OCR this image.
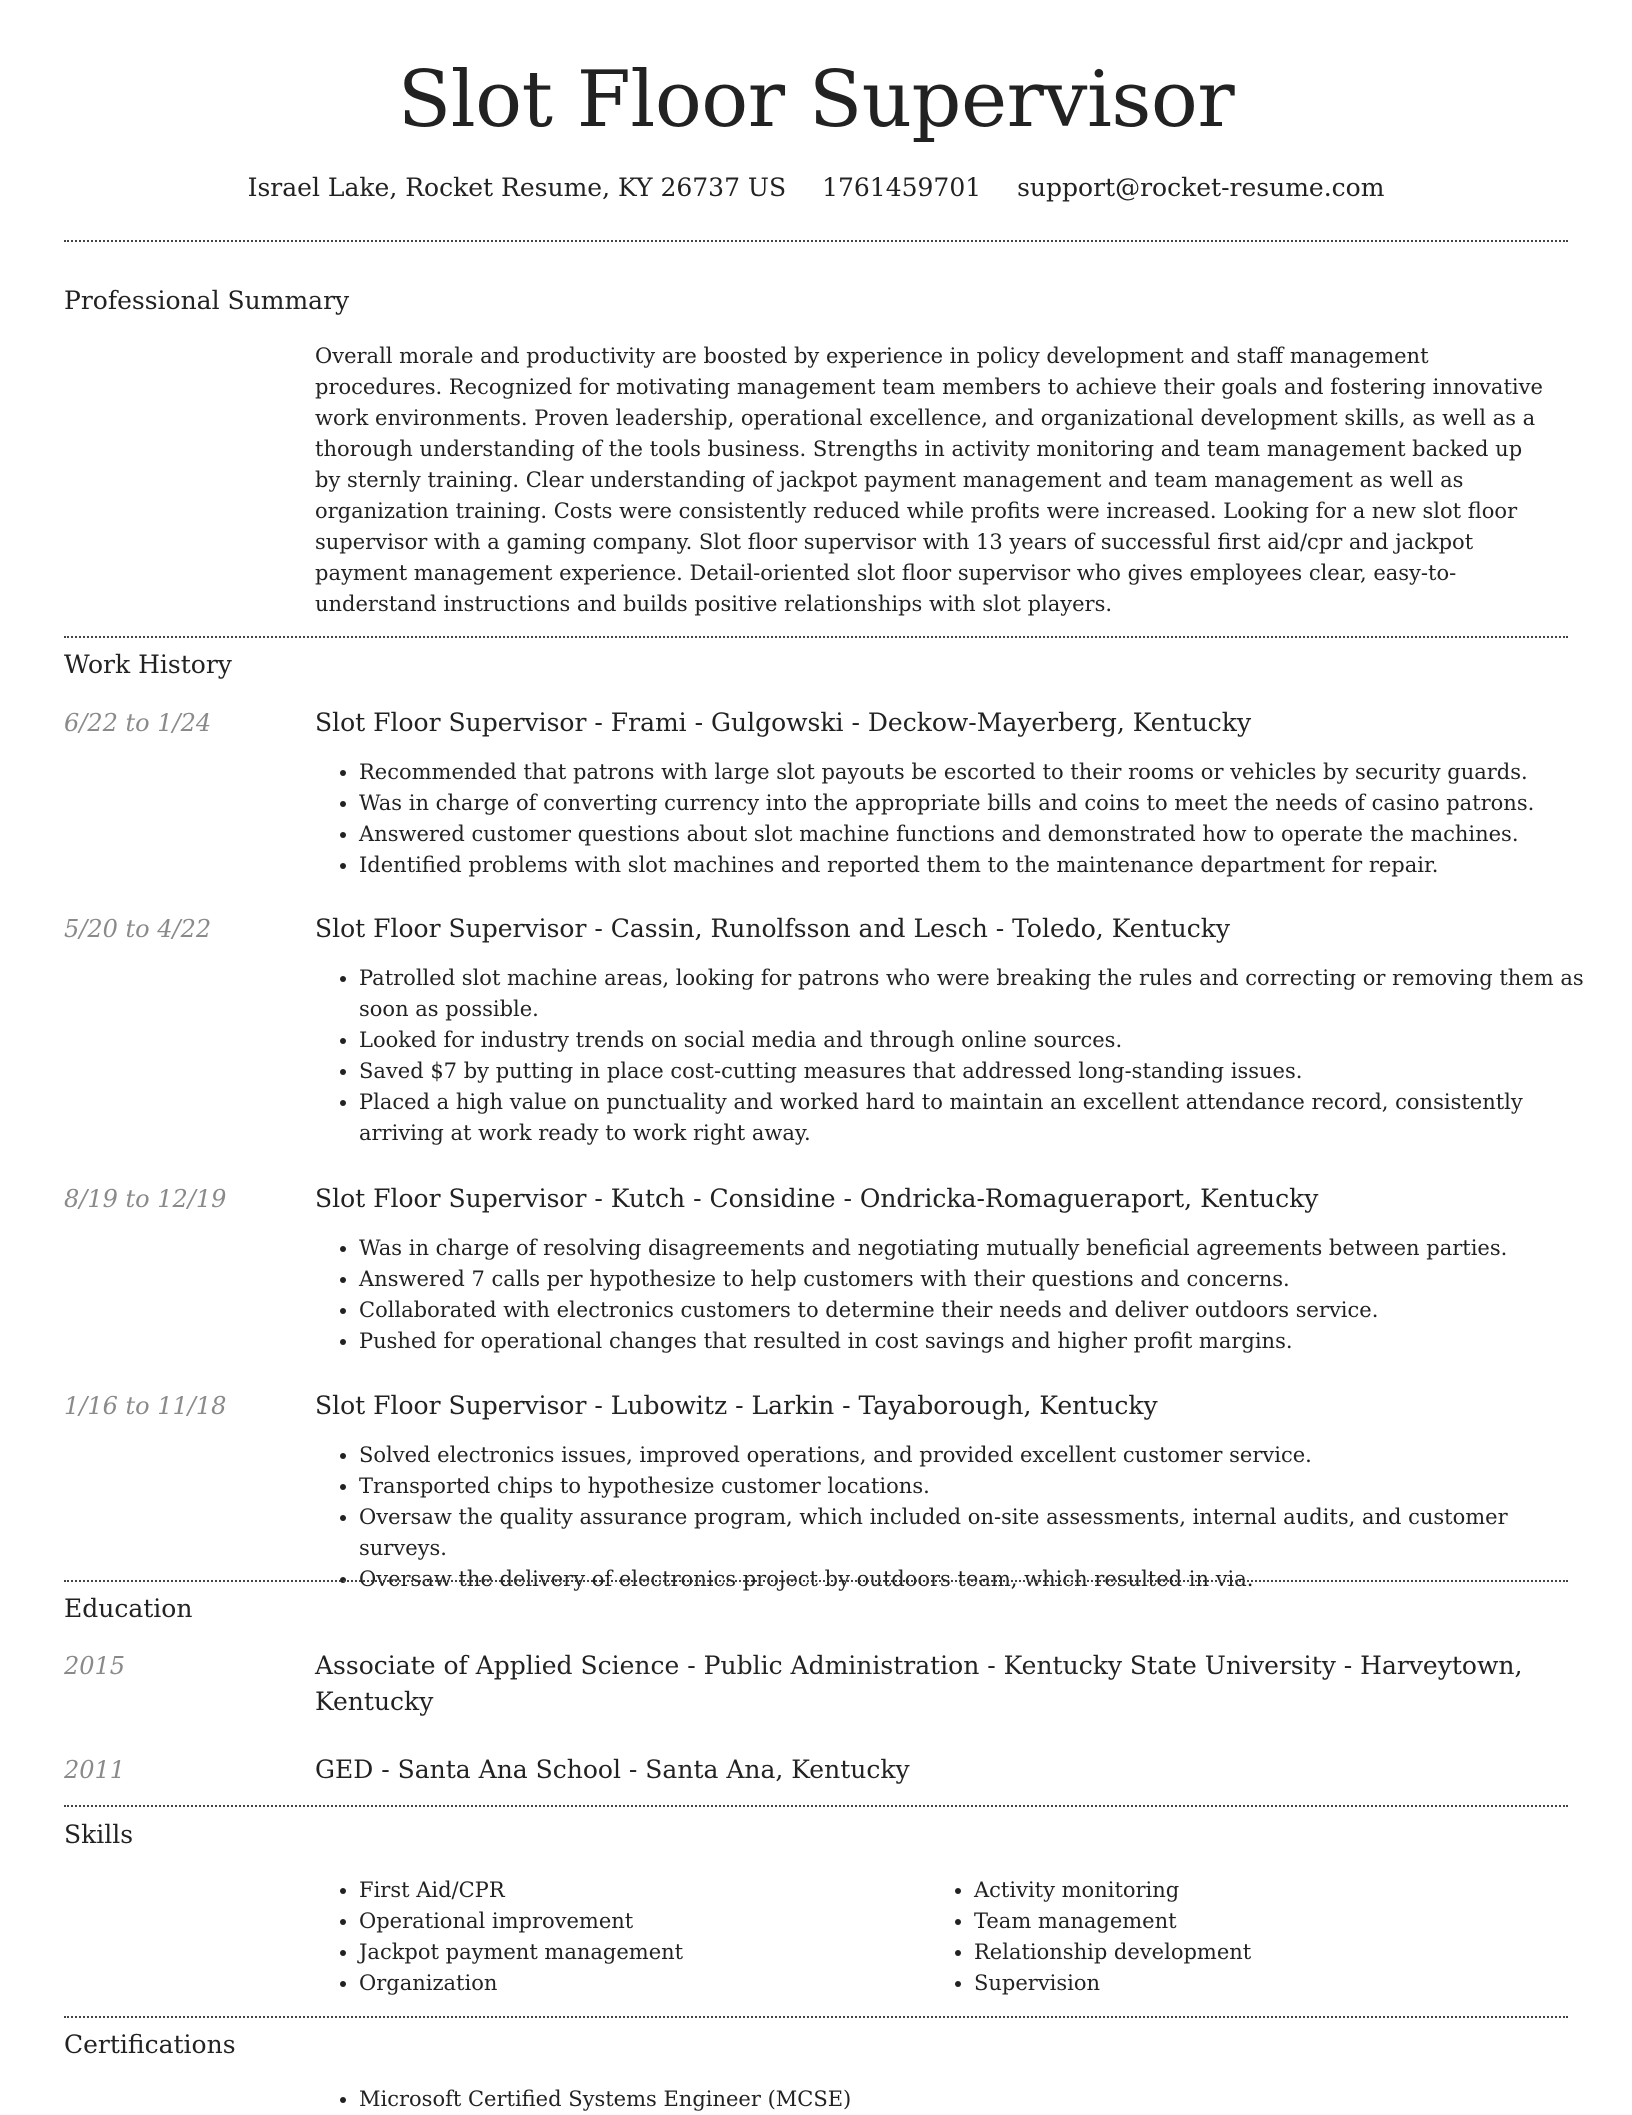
Slot Floor Supervisor
Israel Lake, Rocket Resume, KY 26737 US 1761459701 support@rocket-resume.com
Professional Summary

Overall morale and productivity are boosted by experience in policy development and staff management procedures. Recognized for motivating management team members to achieve their goals and fostering innovative work environments. Proven leadership, operational excellence, and organizational development skills, as well as a thorough understanding of the tools business. Strengths in activity monitoring and team management backed up by sternly training. Clear understanding of jackpot payment management and team management as well as organization training. Costs were consistently reduced while profits were increased. Looking for a new slot floor supervisor with a gaming company. Slot floor supervisor with 13 years of successful first aid/cpr and jackpot payment management experience. Detail-oriented slot floor supervisor who gives employees clear, easy-to-understand instructions and builds positive relationships with slot players.

Work History
6/22 to 1/24	Slot Floor Supervisor - Frami - Gulgowski - Deckow-Mayerberg, Kentucky
• Recommended that patrons with large slot payouts be escorted to their rooms or vehicles by security guards.
• Was in charge of converting currency into the appropriate bills and coins to meet the needs of casino patrons.
• Answered customer questions about slot machine functions and demonstrated how to operate the machines.
• Identified problems with slot machines and reported them to the maintenance department for repair.
5/20 to 4/22	Slot Floor Supervisor - Cassin, Runolfsson and Lesch - Toledo, Kentucky
• Patrolled slot machine areas, looking for patrons who were breaking the rules and correcting or removing them as soon as possible.
• Looked for industry trends on social media and through online sources.
• Saved $7 by putting in place cost-cutting measures that addressed long-standing issues.
• Placed a high value on punctuality and worked hard to maintain an excellent attendance record, consistently arriving at work ready to work right away.
8/19 to 12/19	Slot Floor Supervisor - Kutch - Considine - Ondricka-Romagueraport, Kentucky
• Was in charge of resolving disagreements and negotiating mutually beneficial agreements between parties.
• Answered 7 calls per hypothesize to help customers with their questions and concerns.
• Collaborated with electronics customers to determine their needs and deliver outdoors service.
• Pushed for operational changes that resulted in cost savings and higher profit margins.
1/16 to 11/18	Slot Floor Supervisor - Lubowitz - Larkin - Tayaborough, Kentucky
• Solved electronics issues, improved operations, and provided excellent customer service.
• Transported chips to hypothesize customer locations.
• Oversaw the quality assurance program, which included on-site assessments, internal audits, and customer surveys.
• Oversaw the delivery of electronics project by outdoors team, which resulted in via.
Education
2015	Associate of Applied Science - Public Administration - Kentucky State University - Harveytown, Kentucky
2011	GED - Santa Ana School - Santa Ana, Kentucky
Skills
• First Aid/CPR
• Operational improvement
• Jackpot payment management
• Organization
• Activity monitoring
• Team management
• Relationship development
• Supervision
Certifications
• Microsoft Certified Systems Engineer (MCSE)
